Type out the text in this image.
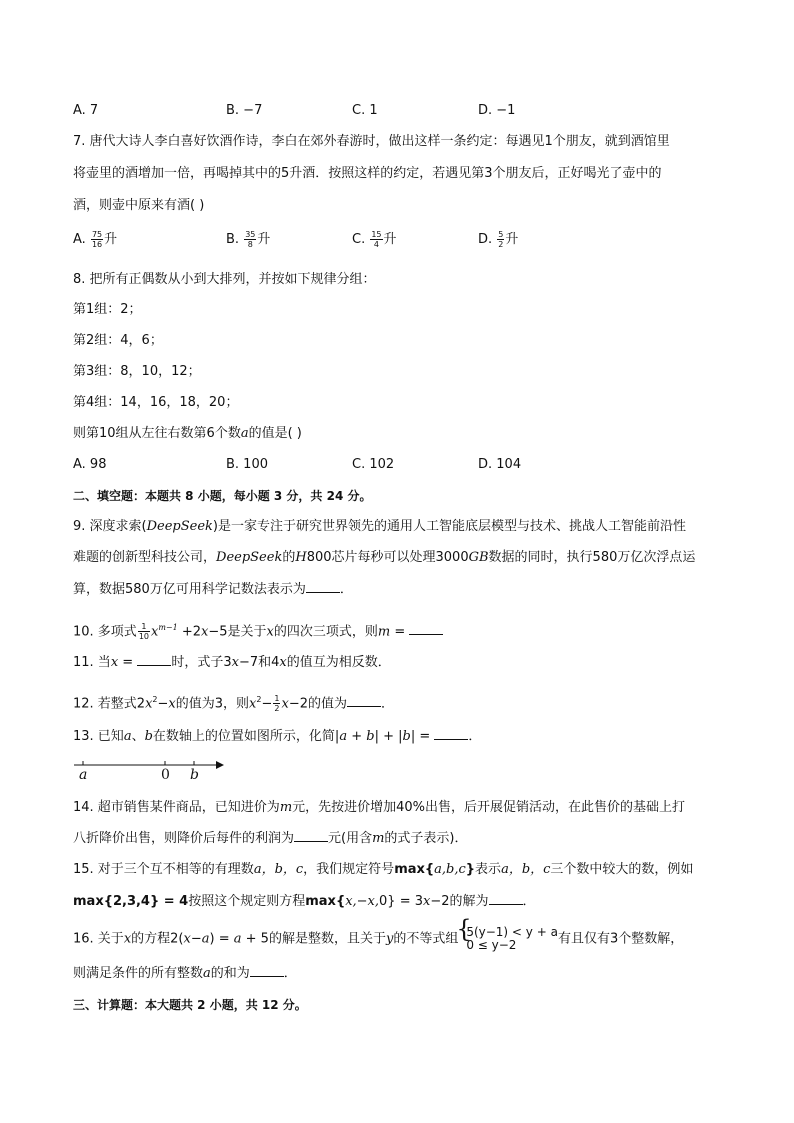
A. 7	B. −7	C. 1	D. −1
7. 唐代大诗人李白喜好饮酒作诗，李白在郊外春游时，做出这样一条约定：每遇见1个朋友，就到酒馆里
将壶里的酒增加一倍，再喝掉其中的5升酒．按照这样的约定，若遇见第3个朋友后，正好喝光了壶中的
酒，则壶中原来有酒( )
A. $\frac{75}{16}$ 升	B. $\frac{35}{8}$ 升	C. $\frac{15}{4}$ 升	D. $\frac{5}{2}$ 升
8. 把所有正偶数从小到大排列，并按如下规律分组：
第1组：2；
第2组：4，6；
第3组：8，10，12；
第4组：14，16，18，20；
则第10组从左往右数第6个数a的值是( )
A. 98	B. 100	C. 102	D. 104
二、填空题：本题共 8 小题，每小题 3 分，共 24 分。
9. 深度求索(DeepSeek)是一家专注于研究世界领先的通用人工智能底层模型与技术、挑战人工智能前沿性
难题的创新型科技公司，DeepSeek的H800芯片每秒可以处理3000GB数据的同时，执行580万亿次浮点运
算，数据580万亿可用科学记数法表示为	．
10. 多项式 $\frac{1}{10} x^{m-1} +2x-5$是关于x的四次三项式，则m =
11. 当x =	时，式子3x−7和4x的值互为相反数．
12. 若整式$2x^2-x$的值为3，则$x^2- \frac{1}{2} x-2$的值为	．
13. 已知a、b在数轴上的位置如图所示，化简|a + b| + |b| =	．
a	0 b
14. 超市销售某件商品，已知进价为m元，先按进价增加40%出售，后开展促销活动，在此售价的基础上打
八折降价出售，则降价后每件的利润为	元(用含m的式子表示)．
15. 对于三个互不相等的有理数a，b，c，我们规定符号max{a,b,c}表示a，b，c三个数中较大的数，例如
max{2,3,4} = 4按照这个规定则方程max{x,−x,0} = 3x−2的解为	．
16. 关于x的方程2(x−a) = a + 5的解是整数，且关于y的不等式组
{ 5(y−1) < y + a
0 ≤ y−2	有且仅有3个整数解，
则满足条件的所有整数a的和为	．
三、计算题：本大题共 2 小题，共 12 分。
